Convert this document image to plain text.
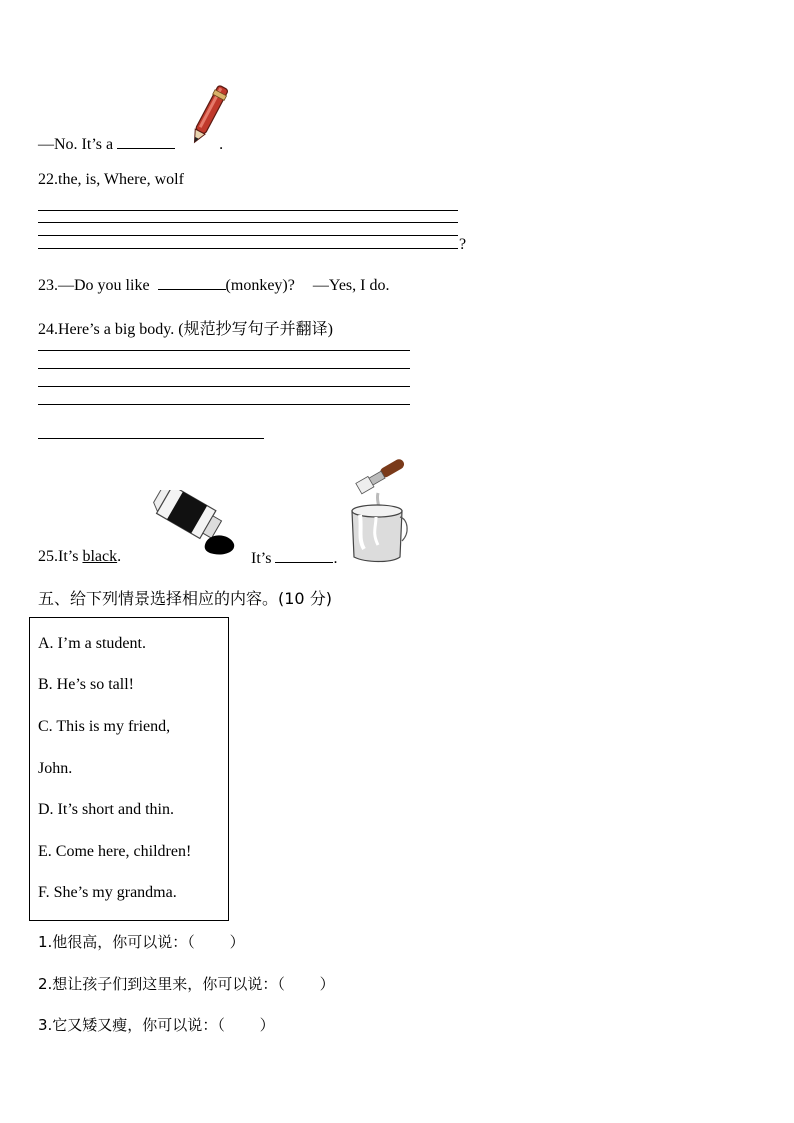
—No. It’s a	.
22.the, is, Where, wolf
?
23.—Do you like	(monkey)? —Yes, I do.
24.Here’s a big body. (规范抄写句子并翻译)
25.It’s black.	It’s	.
五、给下列情景选择相应的内容。(10 分)
A. I’m a student.
B. He’s so tall!
C. This is my friend,
John.
D. It’s short and thin.
E. Come here, children!
F. She’s my grandma.
1.他很高，你可以说：（　　 ）
2.想让孩子们到这里来，你可以说：（　　 ）
3.它又矮又瘦，你可以说：（　　 ）
